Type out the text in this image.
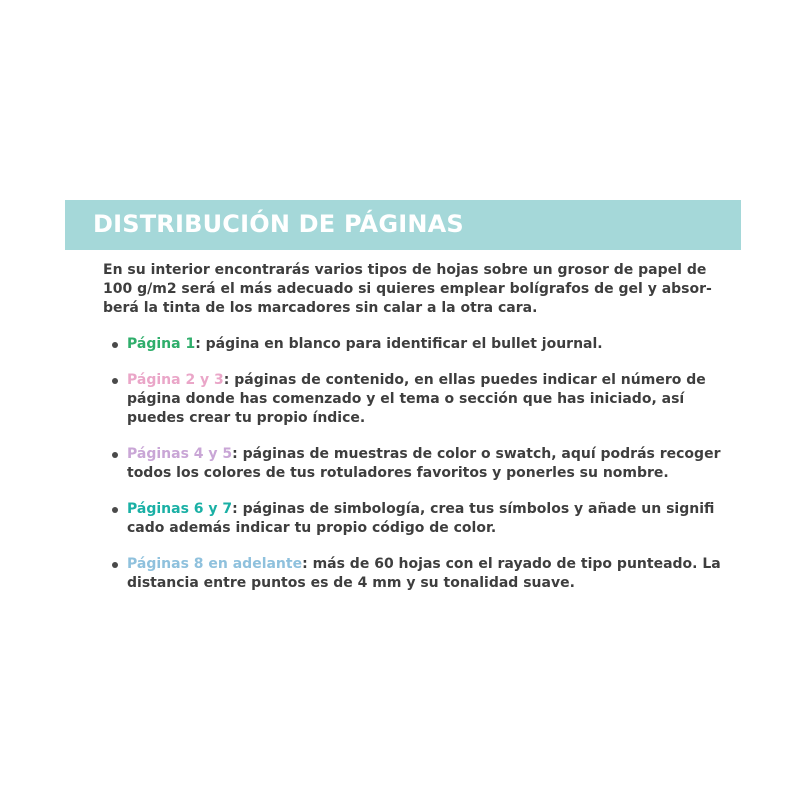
DISTRIBUCIÓN DE PÁGINAS

En su interior encontrarás varios tipos de hojas sobre un grosor de papel de
100 g/m2 será el más adecuado si quieres emplear bolígrafos de gel y absor-
berá la tinta de los marcadores sin calar a la otra cara.

Página 1: página en blanco para identificar el bullet journal.
Página 2 y 3: páginas de contenido, en ellas puedes indicar el número de
página donde has comenzado y el tema o sección que has iniciado, así
puedes crear tu propio índice.
Páginas 4 y 5: páginas de muestras de color o swatch, aquí podrás recoger
todos los colores de tus rotuladores favoritos y ponerles su nombre.
Páginas 6 y 7: páginas de simbología, crea tus símbolos y añade un signifi
cado además indicar tu propio código de color.
Páginas 8 en adelante: más de 60 hojas con el rayado de tipo punteado. La
distancia entre puntos es de 4 mm y su tonalidad suave.
